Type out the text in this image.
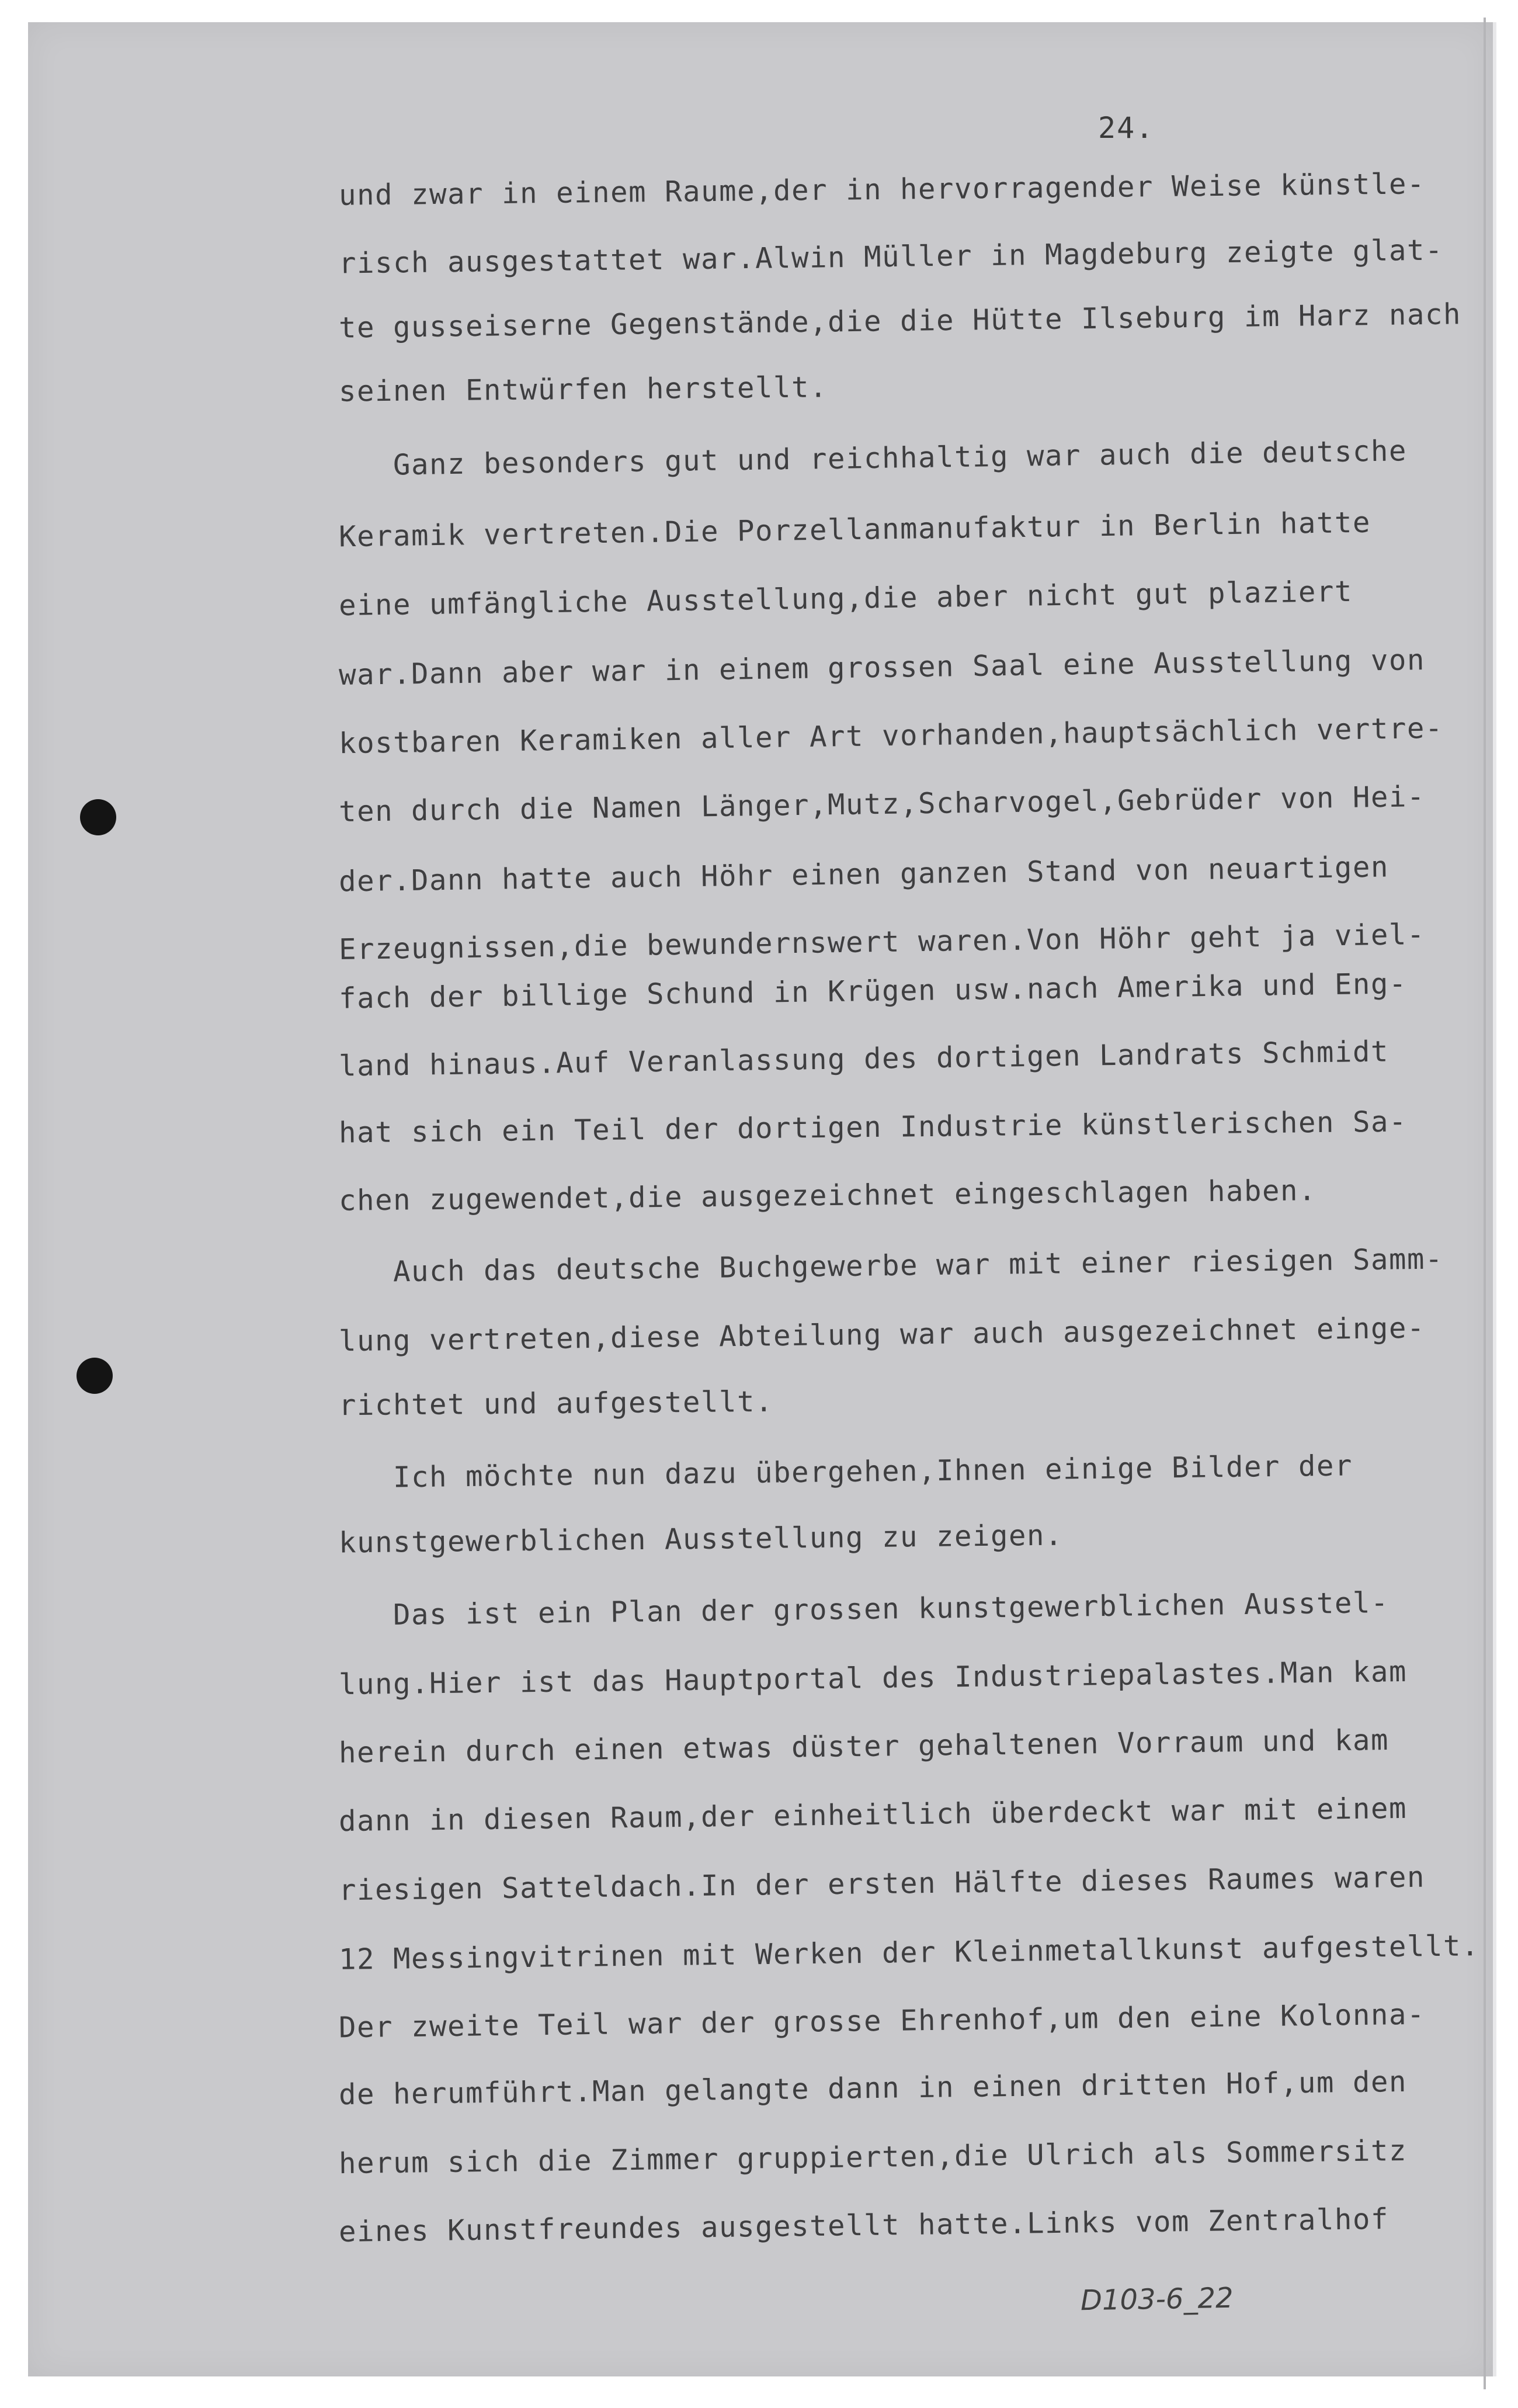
24.
und zwar in einem Raume,der in hervorragender Weise künstle-
risch ausgestattet war.Alwin Müller in Magdeburg zeigte glat-
te gusseiserne Gegenstände,die die Hütte Ilseburg im Harz nach
seinen Entwürfen herstellt.
Ganz besonders gut und reichhaltig war auch die deutsche
Keramik vertreten.Die Porzellanmanufaktur in Berlin hatte
eine umfängliche Ausstellung,die aber nicht gut plaziert
war.Dann aber war in einem grossen Saal eine Ausstellung von
kostbaren Keramiken aller Art vorhanden,hauptsächlich vertre-
ten durch die Namen Länger,Mutz,Scharvogel,Gebrüder von Hei-
der.Dann hatte auch Höhr einen ganzen Stand von neuartigen
Erzeugnissen,die bewundernswert waren.Von Höhr geht ja viel-
fach der billige Schund in Krügen usw.nach Amerika und Eng-
land hinaus.Auf Veranlassung des dortigen Landrats Schmidt
hat sich ein Teil der dortigen Industrie künstlerischen Sa-
chen zugewendet,die ausgezeichnet eingeschlagen haben.
Auch das deutsche Buchgewerbe war mit einer riesigen Samm-
lung vertreten,diese Abteilung war auch ausgezeichnet einge-
richtet und aufgestellt.
Ich möchte nun dazu übergehen,Ihnen einige Bilder der
kunstgewerblichen Ausstellung zu zeigen.
Das ist ein Plan der grossen kunstgewerblichen Ausstel-
lung.Hier ist das Hauptportal des Industriepalastes.Man kam
herein durch einen etwas düster gehaltenen Vorraum und kam
dann in diesen Raum,der einheitlich überdeckt war mit einem
riesigen Satteldach.In der ersten Hälfte dieses Raumes waren
12 Messingvitrinen mit Werken der Kleinmetallkunst aufgestellt.
Der zweite Teil war der grosse Ehrenhof,um den eine Kolonna-
de herumführt.Man gelangte dann in einen dritten Hof,um den
herum sich die Zimmer gruppierten,die Ulrich als Sommersitz
eines Kunstfreundes ausgestellt hatte.Links vom Zentralhof
D103-6_22
